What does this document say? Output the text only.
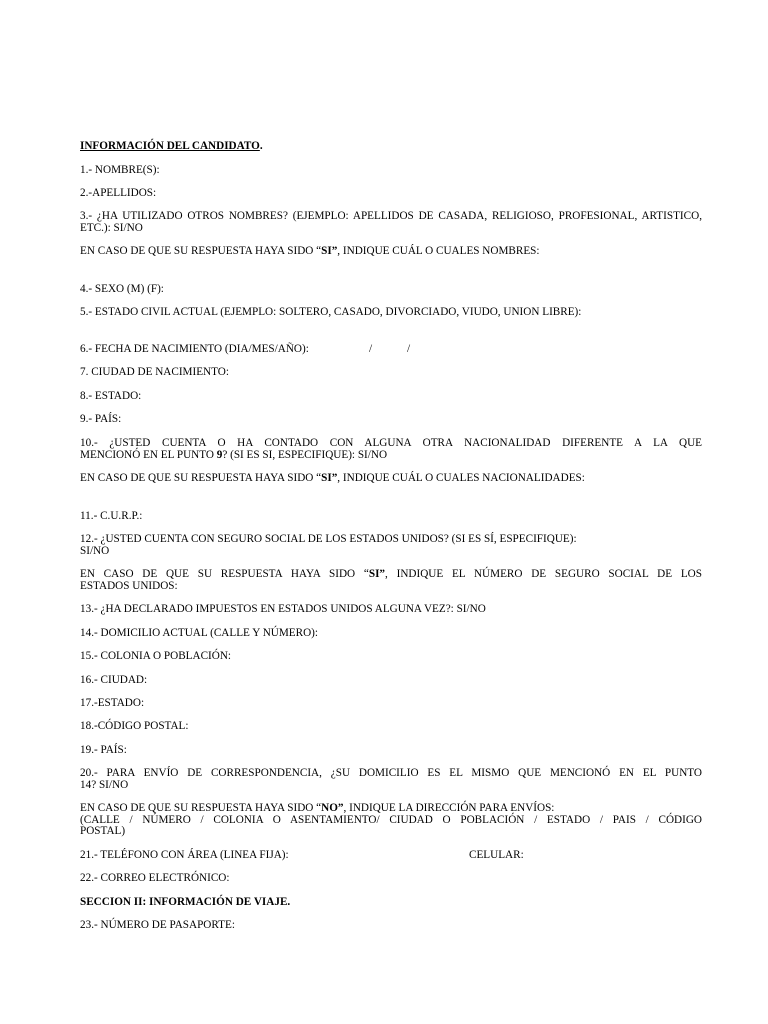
INFORMACIÓN DEL CANDIDATO.

1.- NOMBRE(S):

2.-APELLIDOS:

3.- ¿HA UTILIZADO OTROS NOMBRES? (EJEMPLO: APELLIDOS DE CASADA, RELIGIOSO, PROFESIONAL, ARTISTICO, ETC.): SI/NO

EN CASO DE QUE SU RESPUESTA HAYA SIDO “SI”, INDIQUE CUÁL O CUALES NOMBRES:

4.- SEXO (M) (F):

5.- ESTADO CIVIL ACTUAL (EJEMPLO: SOLTERO, CASADO, DIVORCIADO, VIUDO, UNION LIBRE):

6.- FECHA DE NACIMIENTO (DIA/MES/AÑO):	/	/

7. CIUDAD DE NACIMIENTO:

8.- ESTADO:

9.- PAÍS:

10.- ¿USTED CUENTA O HA CONTADO CON ALGUNA OTRA NACIONALIDAD DIFERENTE A LA QUE
MENCIONÓ EN EL PUNTO 9? (SI ES SI, ESPECIFIQUE): SI/NO

EN CASO DE QUE SU RESPUESTA HAYA SIDO “SI”, INDIQUE CUÁL O CUALES NACIONALIDADES:

11.- C.U.R.P.:

12.- ¿USTED CUENTA CON SEGURO SOCIAL DE LOS ESTADOS UNIDOS? (SI ES SÍ, ESPECIFIQUE):
SI/NO
EN CASO DE QUE SU RESPUESTA HAYA SIDO “SI”, INDIQUE EL NÚMERO DE SEGURO SOCIAL DE LOS
ESTADOS UNIDOS:

13.- ¿HA DECLARADO IMPUESTOS EN ESTADOS UNIDOS ALGUNA VEZ?: SI/NO

14.- DOMICILIO ACTUAL (CALLE Y NÚMERO):

15.- COLONIA O POBLACIÓN:

16.- CIUDAD:

17.-ESTADO:

18.-CÓDIGO POSTAL:

19.- PAÍS:

20.- PARA ENVÍO DE CORRESPONDENCIA, ¿SU DOMICILIO ES EL MISMO QUE MENCIONÓ EN EL PUNTO
14? SI/NO
EN CASO DE QUE SU RESPUESTA HAYA SIDO “NO”, INDIQUE LA DIRECCIÓN PARA ENVÍOS:
(CALLE / NÚMERO / COLONIA O ASENTAMIENTO/ CIUDAD O POBLACIÓN / ESTADO / PAIS / CÓDIGO
POSTAL)

21.- TELÉFONO CON ÁREA (LINEA FIJA):	CELULAR:

22.- CORREO ELECTRÓNICO:

SECCION II: INFORMACIÓN DE VIAJE.

23.- NÚMERO DE PASAPORTE:
